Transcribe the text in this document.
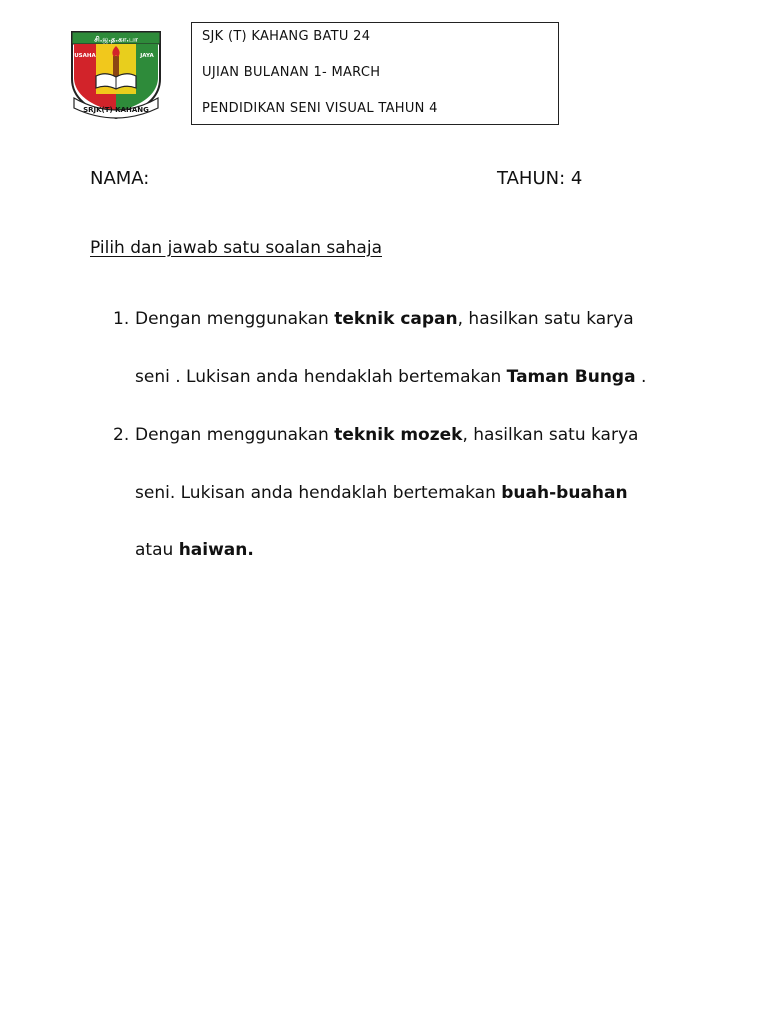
சி.ஜ.த.கா.பா
USAHA	JAYA
SRJK(T) KAHANG
SJK (T) KAHANG BATU 24
UJIAN BULANAN 1- MARCH
PENDIDIKAN SENI VISUAL TAHUN 4
NAMA:	TAHUN: 4
Pilih dan jawab satu soalan sahaja
1. Dengan menggunakan teknik capan, hasilkan satu karya
seni . Lukisan anda hendaklah bertemakan Taman Bunga .
2. Dengan menggunakan teknik mozek, hasilkan satu karya
seni. Lukisan anda hendaklah bertemakan buah-buahan
atau haiwan.
